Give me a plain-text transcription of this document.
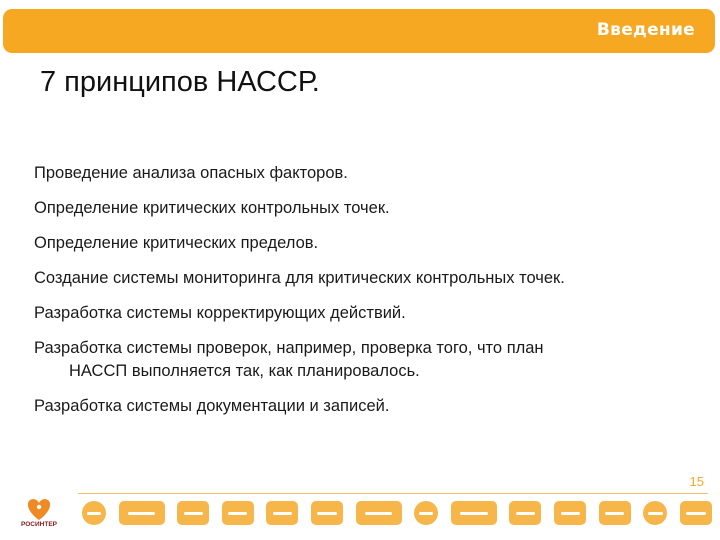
Введение
7 принципов НАССР.
Проведение анализа опасных факторов.
Определение критических контрольных точек.
Определение критических пределов.
Создание системы мониторинга для критических контрольных точек.
Разработка системы корректирующих действий.
Разработка системы проверок, например, проверка того, что план
НАССП выполняется так, как планировалось.
Разработка системы документации и записей.
15
РОСИНТЕР
